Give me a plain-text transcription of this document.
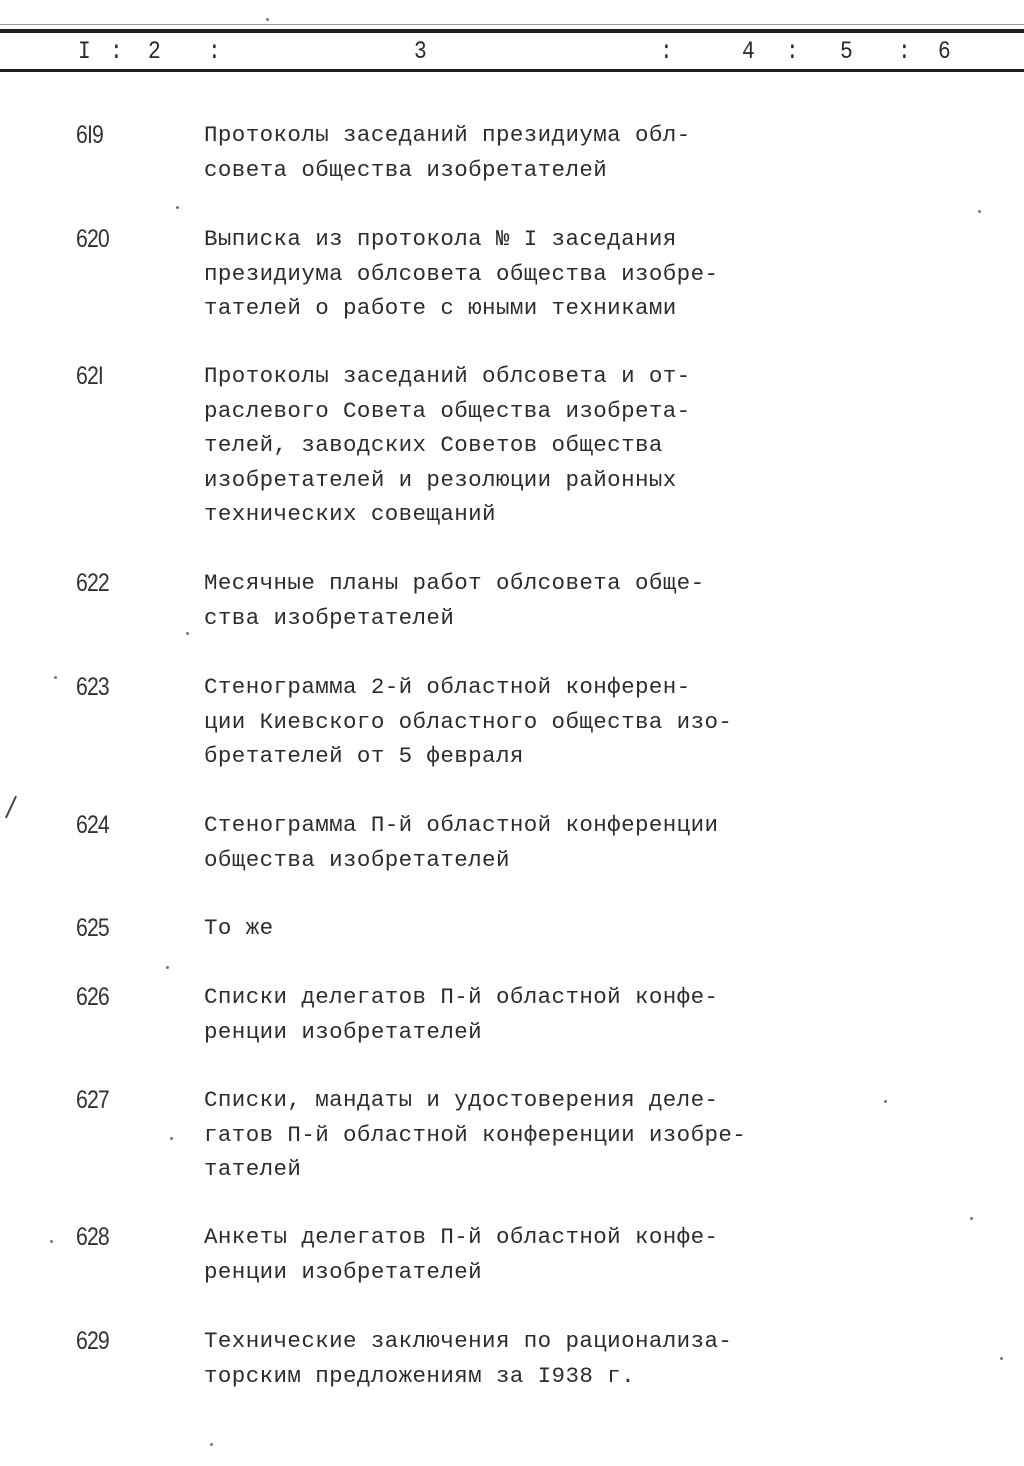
I : 2 :	3	:	4 : 5 : 6
6I9	Протоколы заседаний президиума обл-
совета общества изобретателей
620	Выписка из протокола № I заседания
президиума облсовета общества изобре-
тателей о работе с юными техниками
62I	Протоколы заседаний облсовета и от-
раслевого Совета общества изобрета-
телей, заводских Советов общества
изобретателей и резолюции районных
технических совещаний
622	Месячные планы работ облсовета обще-
ства изобретателей
623	Стенограмма 2-й областной конферен-
ции Киевского областного общества изо-
бретателей от 5 февраля
624	Стенограмма П-й областной конференции
общества изобретателей
625	То же
626	Списки делегатов П-й областной конфе-
ренции изобретателей
627	Списки, мандаты и удостоверения деле-
гатов П-й областной конференции изобре-
тателей
628	Анкеты делегатов П-й областной конфе-
ренции изобретателей
629	Технические заключения по рационализа-
торским предложениям за I938 г.
